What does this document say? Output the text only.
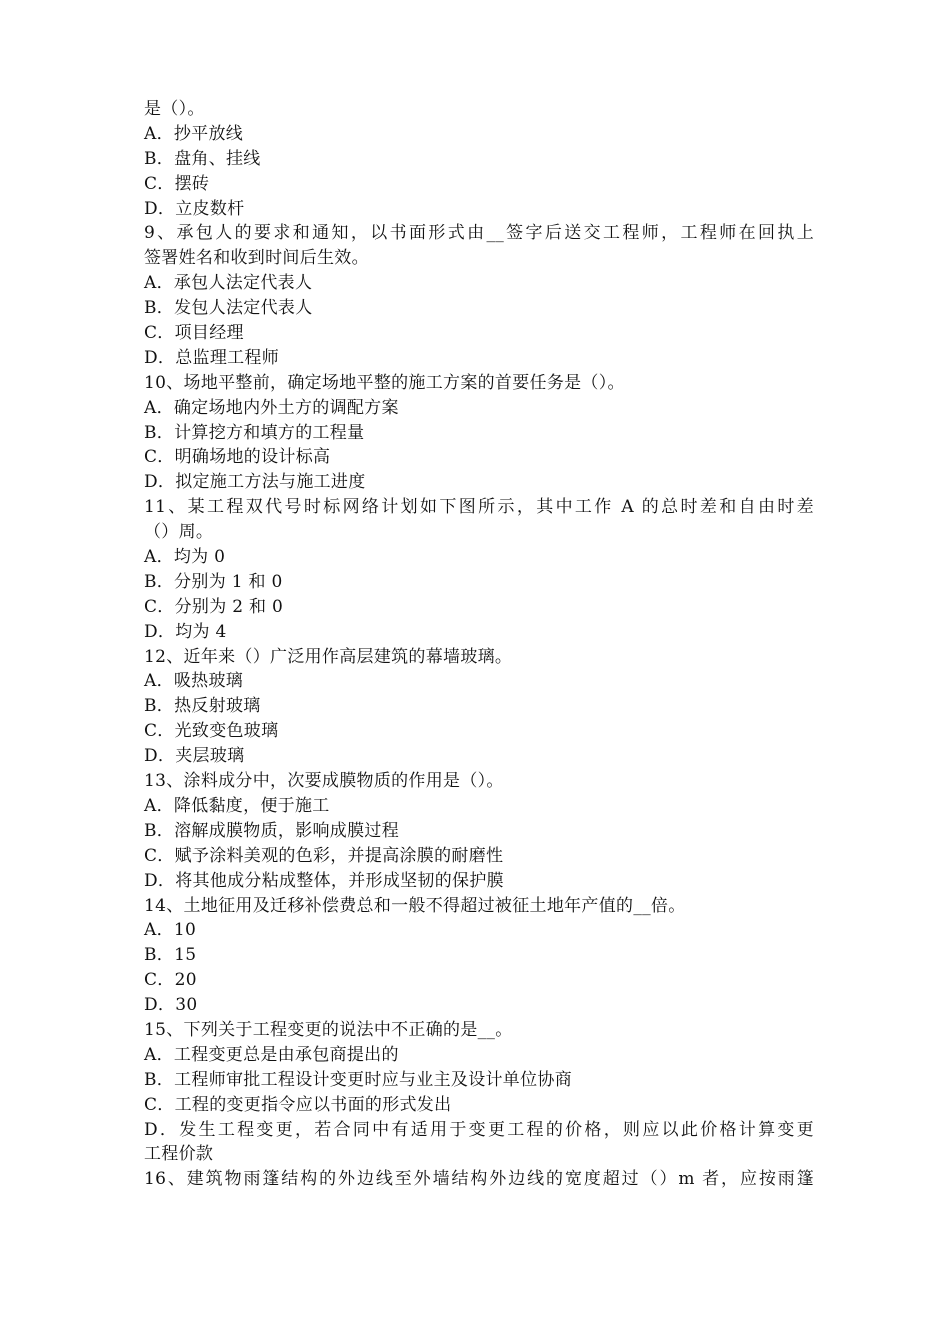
是（）。
A．抄平放线
B．盘角、挂线
C．摆砖
D．立皮数杆
9、承包人的要求和通知，以书面形式由__签字后送交工程师，工程师在回执上
签署姓名和收到时间后生效。
A．承包人法定代表人
B．发包人法定代表人
C．项目经理
D．总监理工程师
10、场地平整前，确定场地平整的施工方案的首要任务是（）。
A．确定场地内外土方的调配方案
B．计算挖方和填方的工程量
C．明确场地的设计标高
D．拟定施工方法与施工进度
11、某工程双代号时标网络计划如下图所示，其中工作 A 的总时差和自由时差
（）周。
A．均为 0
B．分别为 1 和 0
C．分别为 2 和 0
D．均为 4
12、近年来（）广泛用作高层建筑的幕墙玻璃。
A．吸热玻璃
B．热反射玻璃
C．光致变色玻璃
D．夹层玻璃
13、涂料成分中，次要成膜物质的作用是（）。
A．降低黏度，便于施工
B．溶解成膜物质，影响成膜过程
C．赋予涂料美观的色彩，并提高涂膜的耐磨性
D．将其他成分粘成整体，并形成坚韧的保护膜
14、土地征用及迁移补偿费总和一般不得超过被征土地年产值的__倍。
A．10
B．15
C．20
D．30
15、下列关于工程变更的说法中不正确的是__。
A．工程变更总是由承包商提出的
B．工程师审批工程设计变更时应与业主及设计单位协商
C．工程的变更指令应以书面的形式发出
D．发生工程变更，若合同中有适用于变更工程的价格，则应以此价格计算变更
工程价款
16、建筑物雨篷结构的外边线至外墙结构外边线的宽度超过（）m 者，应按雨篷
